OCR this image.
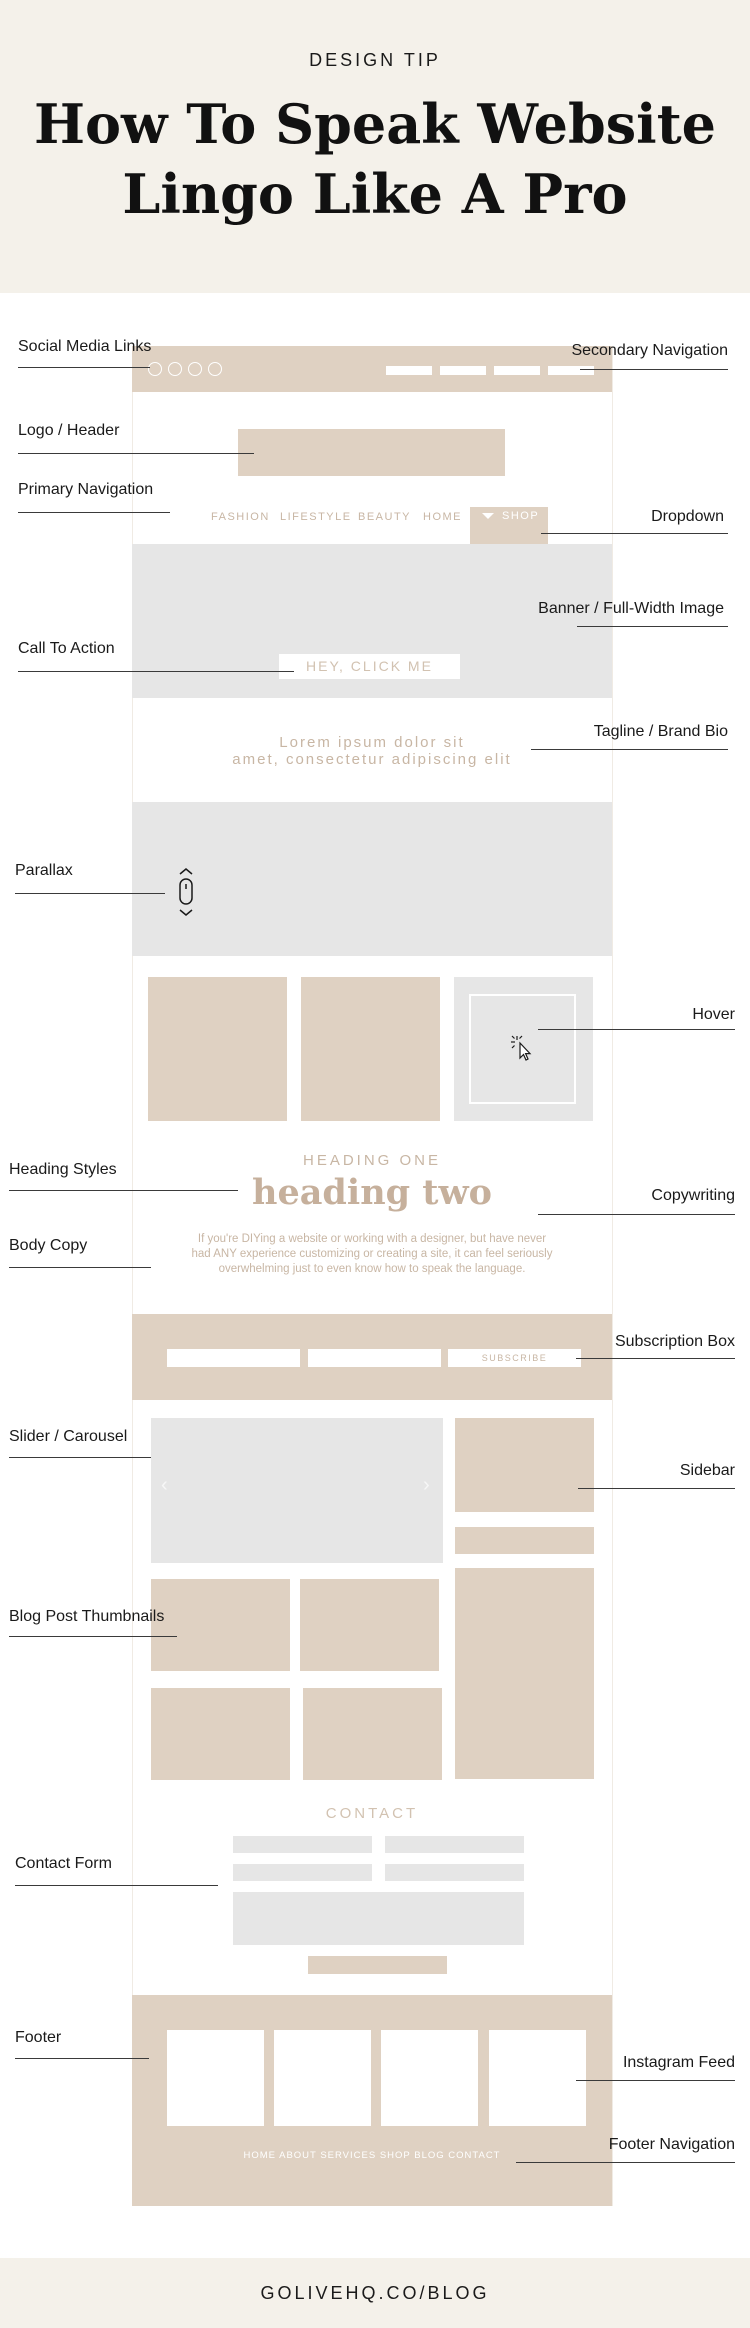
DESIGN TIP
How To Speak Website
Lingo Like A Pro
FASHION LIFESTYLE BEAUTY HOME	SHOP
HEY, CLICK ME
Lorem ipsum dolor sit
amet, consectetur adipiscing elit
HEADING ONE
heading two
If you're DIYing a website or working with a designer, but have never
had ANY experience customizing or creating a site, it can feel seriously
overwhelming just to even know how to speak the language.
SUBSCRIBE
‹	›
CONTACT
HOME ABOUT SERVICES SHOP BLOG CONTACT
GOLIVEHQ.CO/BLOG
Social Media Links	Secondary Navigation
Logo / Header
Primary Navigation
Dropdown
Banner / Full-Width Image
Call To Action
Tagline / Brand Bio
Parallax
Hover
Heading Styles
Copywriting
Body Copy
Subscription Box
Slider / Carousel
Sidebar
Blog Post Thumbnails
Contact Form
Footer
Instagram Feed
Footer Navigation
